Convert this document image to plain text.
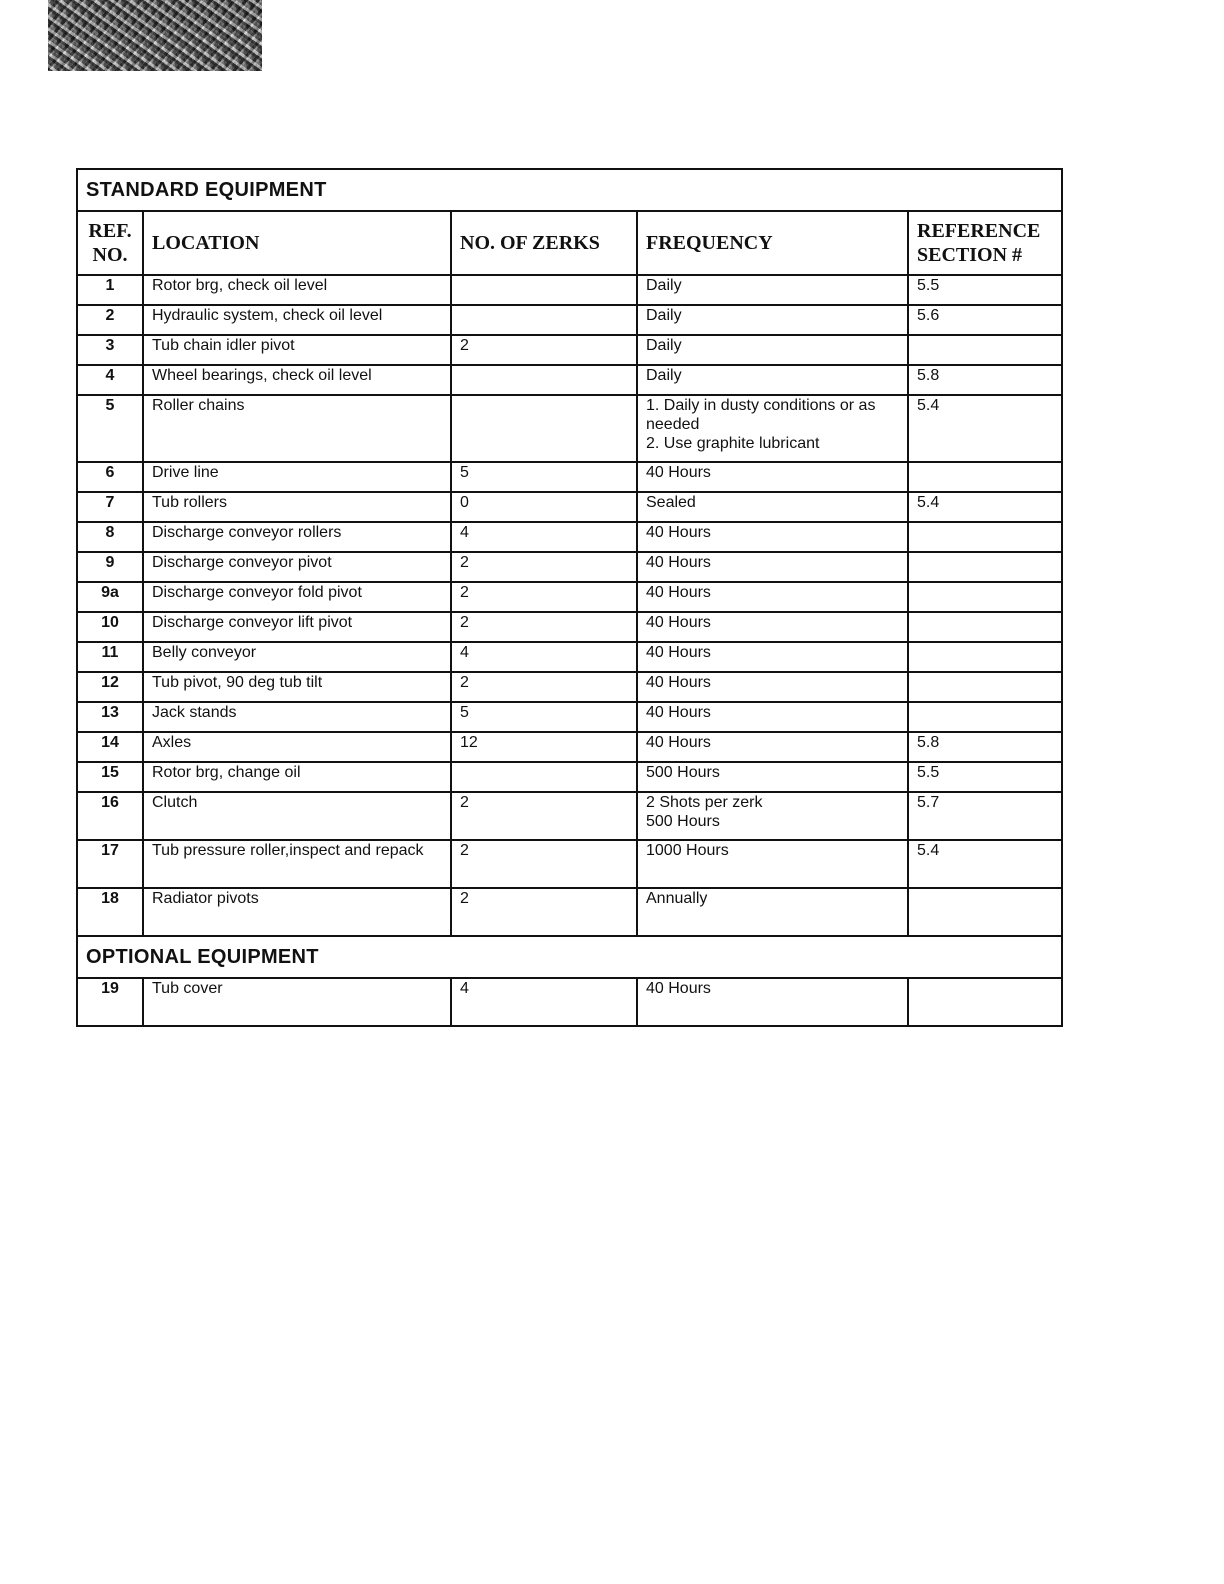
STANDARD EQUIPMENT				

REF.
NO.	LOCATION	NO. OF ZERKS	FREQUENCY	REFERENCE
SECTION #

1	Rotor brg, check oil level		Daily	5.5
2	Hydraulic system, check oil level		Daily	5.6
3	Tub chain idler pivot	2	Daily	

4	Wheel bearings, check oil level		Daily	5.8
5	Roller chains		1. Daily in dusty conditions or as
needed
2. Use graphite lubricant	5.4
6	Drive line	5	40 Hours	

7	Tub rollers	0	Sealed	5.4
8	Discharge conveyor rollers	4	40 Hours	

9	Discharge conveyor pivot	2	40 Hours	

9a	Discharge conveyor fold pivot	2	40 Hours	

10	Discharge conveyor lift pivot	2	40 Hours	

11	Belly conveyor	4	40 Hours	

12	Tub pivot, 90 deg tub tilt	2	40 Hours	

13	Jack stands	5	40 Hours	

14	Axles	12	40 Hours	5.8
15	Rotor brg, change oil		500 Hours	5.5
16	Clutch	2	2 Shots per zerk
500 Hours	5.7
17	Tub pressure roller,inspect and repack	2	1000 Hours	5.4
18	Radiator pivots	2	Annually	

OPTIONAL EQUIPMENT				
19	Tub cover	4	40 Hours	
